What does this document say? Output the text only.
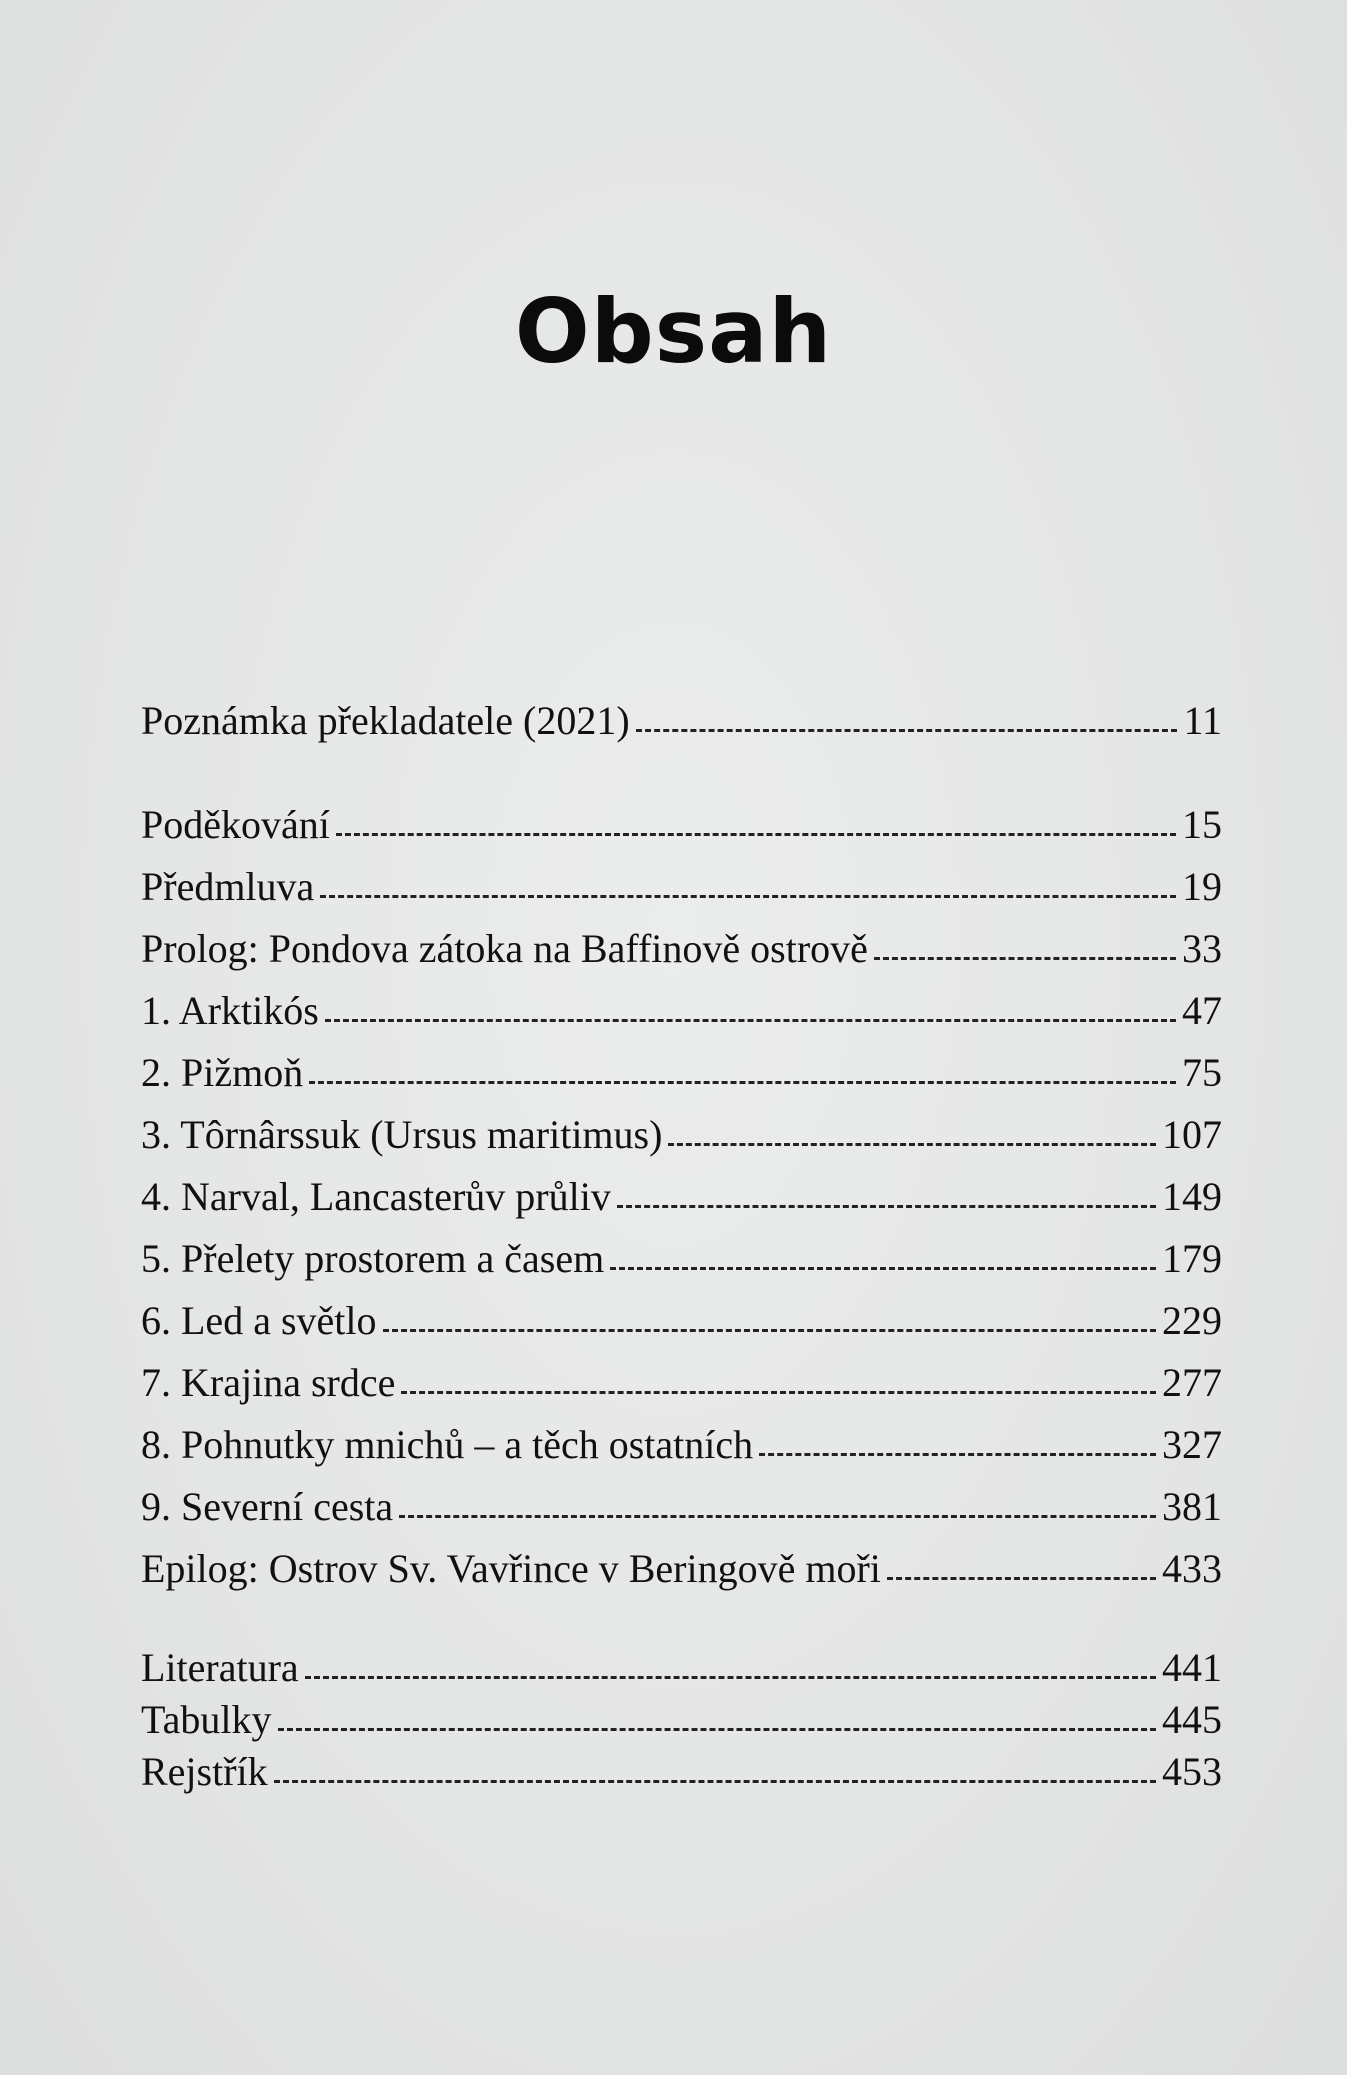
Obsah
Poznámka překladatele (2021)	11
Poděkování	15
Předmluva	19
Prolog: Pondova zátoka na Baffinově ostrově	33
1. Arktikós	47
2. Pižmoň	75
3. Tôrnârssuk (Ursus maritimus)	107
4. Narval, Lancasterův průliv	149
5. Přelety prostorem a časem	179
6. Led a světlo	229
7. Krajina srdce	277
8. Pohnutky mnichů – a těch ostatních	327
9. Severní cesta	381
Epilog: Ostrov Sv. Vavřince v Beringově moři	433
Literatura	441
Tabulky	445
Rejstřík	453
